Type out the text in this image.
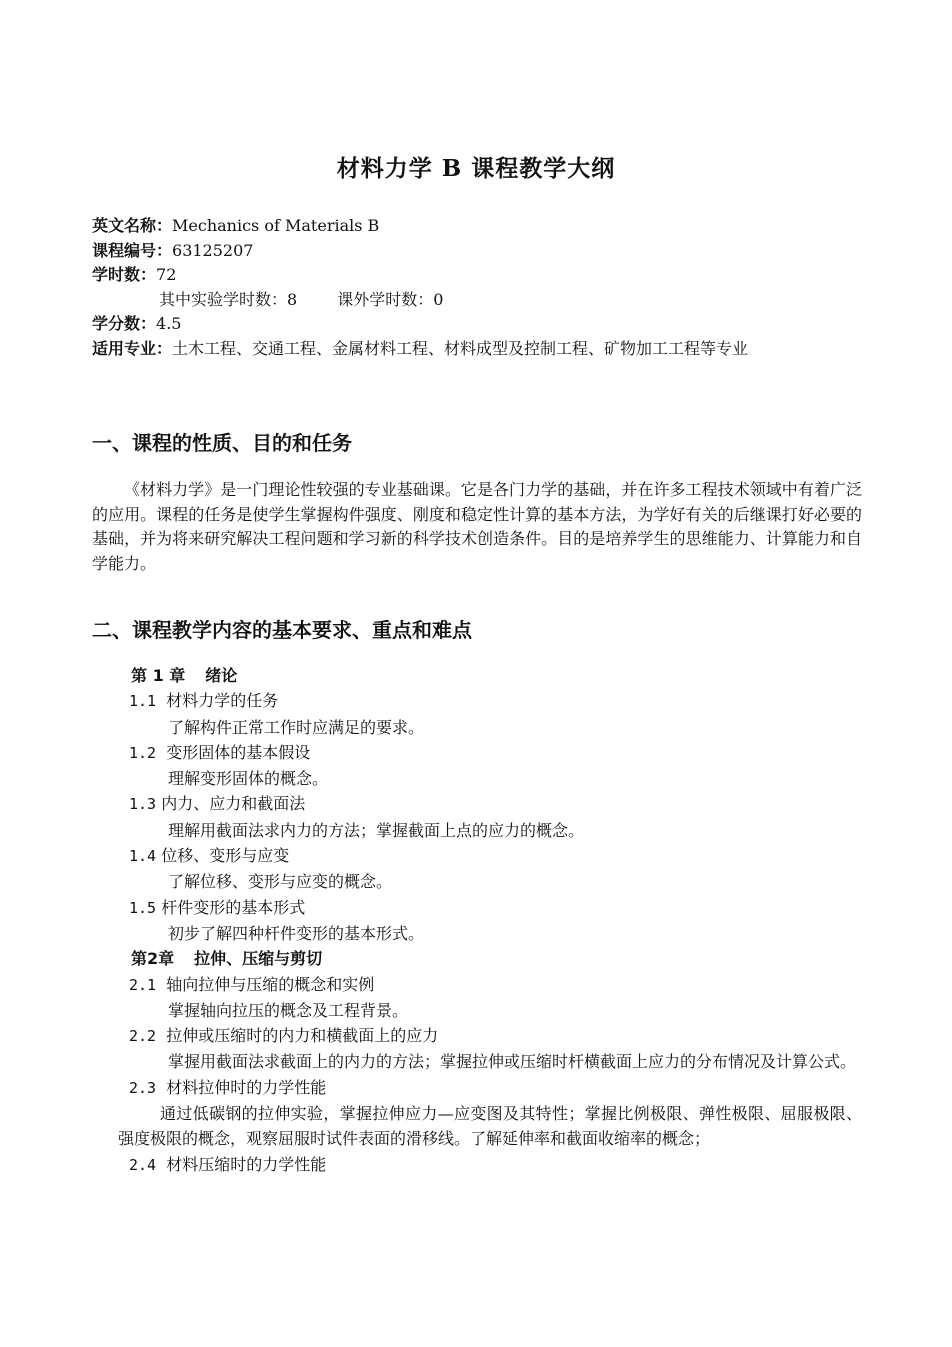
材料力学 B 课程教学大纲
英文名称：Mechanics of Materials B
课程编号：63125207
学时数：72
其中实验学时数：8	课外学时数：0
学分数：4.5
适用专业：土木工程、交通工程、金属材料工程、材料成型及控制工程、矿物加工工程等专业
一、课程的性质、目的和任务
《材料力学》是一门理论性较强的专业基础课。它是各门力学的基础，并在许多工程技术领域中有着广泛的应用。课程的任务是使学生掌握构件强度、刚度和稳定性计算的基本方法，为学好有关的后继课打好必要的基础，并为将来研究解决工程问题和学习新的科学技术创造条件。目的是培养学生的思维能力、计算能力和自学能力。
二、课程教学内容的基本要求、重点和难点
第 1 章 绪论
1.1 材料力学的任务
了解构件正常工作时应满足的要求。
1.2 变形固体的基本假设
理解变形固体的概念。
1.3 内力、应力和截面法
理解用截面法求内力的方法；掌握截面上点的应力的概念。
1.4 位移、变形与应变
了解位移、变形与应变的概念。
1.5 杆件变形的基本形式
初步了解四种杆件变形的基本形式。
第2章 拉伸、压缩与剪切
2.1 轴向拉伸与压缩的概念和实例
掌握轴向拉压的概念及工程背景。
2.2 拉伸或压缩时的内力和横截面上的应力
掌握用截面法求截面上的内力的方法；掌握拉伸或压缩时杆横截面上应力的分布情况及计算公式。
2.3 材料拉伸时的力学性能
通过低碳钢的拉伸实验，掌握拉伸应力—应变图及其特性；掌握比例极限、弹性极限、屈服极限、强度极限的概念，观察屈服时试件表面的滑移线。了解延伸率和截面收缩率的概念；
2.4 材料压缩时的力学性能
